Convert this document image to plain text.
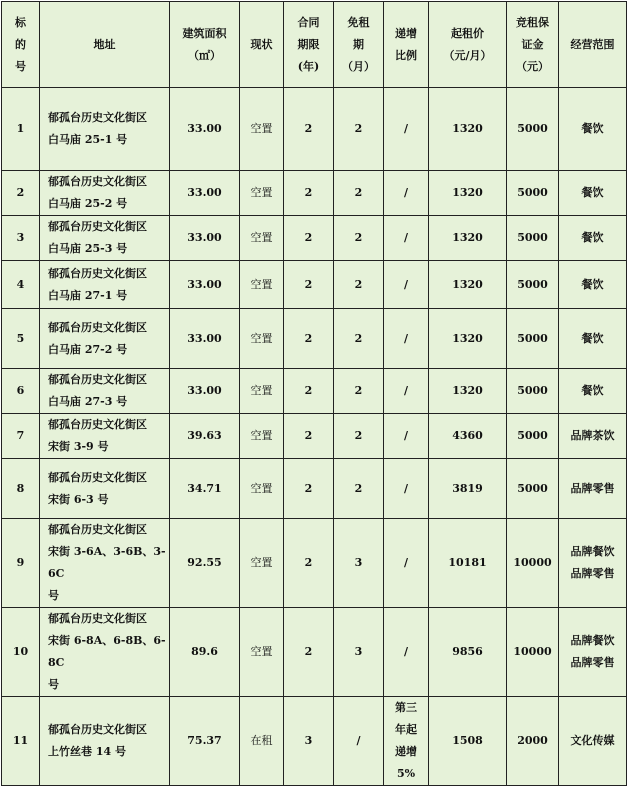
标
的
号	地址	建筑面积
（㎡）	现状	合同
期限
(年)	免租
期
（月）	递增
比例	起租价
（元/月）	竞租保
证金
（元）	经营范围

1	郁孤台历史文化街区
白马庙 25-1 号	33.00	空置	2	2	/	1320	5000	餐饮

2	郁孤台历史文化街区
白马庙 25-2 号	33.00	空置	2	2	/	1320	5000	餐饮

3	郁孤台历史文化街区
白马庙 25-3 号	33.00	空置	2	2	/	1320	5000	餐饮

4	郁孤台历史文化街区
白马庙 27-1 号	33.00	空置	2	2	/	1320	5000	餐饮

5	郁孤台历史文化街区
白马庙 27-2 号	33.00	空置	2	2	/	1320	5000	餐饮

6	郁孤台历史文化街区
白马庙 27-3 号	33.00	空置	2	2	/	1320	5000	餐饮

7	郁孤台历史文化街区
宋街 3-9 号	39.63	空置	2	2	/	4360	5000	品牌茶饮

8	郁孤台历史文化街区
宋街 6-3 号	34.71	空置	2	2	/	3819	5000	品牌零售

9	郁孤台历史文化街区
宋街 3-6A、3-6B、3-6C
号	92.55	空置	2	3	/	10181	10000	品牌餐饮
品牌零售

10	郁孤台历史文化街区
宋街 6-8A、6-8B、6-8C
号	89.6	空置	2	3	/	9856	10000	品牌餐饮
品牌零售

11	郁孤台历史文化街区
上竹丝巷 14 号	75.37	在租	3	/	第三
年起
递增
5%	1508	2000	文化传媒
